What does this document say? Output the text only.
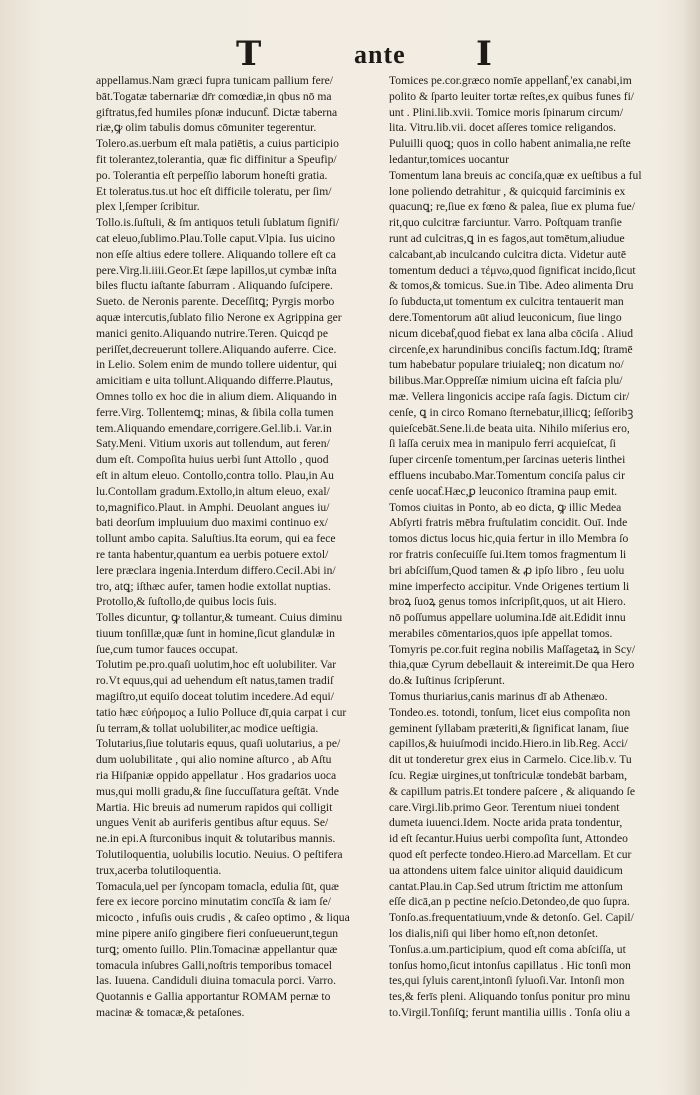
T	ante I
appellamus.Nam græci fupra tunicam pallium fere/
bāt.Togatæ tabernariæ dr̄r comœdiæ,in qbus nō ma
giftratus,fed humiles pſonæ inducunƭ. Dictæ taberna
riæ,ꝙ olim tabulis domus cōmuniter tegerentur.
Tolero.as.uerbum eſt mala patiētis, a cuius participio
fit tolerantez,tolerantia, quæ fic diffinitur a Speufip/
po. Tolerantia eſt perpeſſio laborum honeſti gratia.
Et toleratus.tus.ut hoc eſt difficile toleratu, per ſim/
plex l,ſemper ſcribitur.
Tollo.is.ſuſtuli, & ſm antiquos tetuli ſublatum ſignifi/
cat eleuo,ſublimo.Plau.Tolle caput.Vlpia. Ius uicino
non eſſe altius edere tollere. Aliquando tollere eſt ca
pere.Virg.li.iiii.Geor.Et ſæpe lapillos,ut cymbæ inſta
biles fluctu iaſtante ſaburram . Aliquando ſuſcipere.
Sueto. de Neronis parente. Deceſſitꝗ; Pyrgis morbo
aquæ intercutis,ſublato filio Nerone ex Agrippina ger
manici genito.Aliquando nutrire.Teren. Quicqd pe
periſſet,decreuerunt tollere.Aliquando auferre. Cice.
in Lelio. Solem enim de mundo tollere uidentur, qui
amicitiam e uita tollunt.Aliquando differre.Plautus,
Omnes tollo ex hoc die in alium diem. Aliquando in
ferre.Virg. Tollentemꝗ; minas, & ſibila colla tumen
tem.Aliquando emendare,corrigere.Gel.lib.i. Var.in
Saty.Meni. Vitium uxoris aut tollendum, aut feren/
dum eſt. Compoſita huius uerbi ſunt Attollo , quod
eſt in altum eleuo. Contollo,contra tollo. Plau,in Au
lu.Contollam gradum.Extollo,in altum eleuo, exal/
to,magnifico.Plaut. in Amphi. Deuolant angues iu/
bati deorſum impluuium duo maximi continuo ex/
tollunt ambo capita. Saluſtius.Ita eorum, qui ea fece
re tanta habentur,quantum ea uerbis potuere extol/
lere præclara ingenia.Interdum differo.Cecil.Abi in/
tro, atꝗ; iſthæc aufer, tamen hodie extollat nuptias.
Protollo,& ſuſtollo,de quibus locis ſuis.
Tolles dicuntur, ꝙ tollantur,& tumeant. Cuius diminu
tiuum tonſillæ,quæ ſunt in homine,ſicut glandulæ in
ſue,cum tumor fauces occupat.
Tolutim pe.pro.quaſi uolutim,hoc eſt uolubiliter. Var
ro.Vt equus,qui ad uehendum eſt natus,tamen tradiſ
magiſtro,ut equiſo doceat tolutim incedere.Ad equi/
tatio hæc εὐήρομος a Iulio Polluce dī,quia carpat i cur
ſu terram,& tollat uolubiliter,ac modice ueſtigia.
Tolutarius,ſiue tolutaris equus, quaſi uolutarius, a pe/
dum uolubilitate , qui alio nomine aſturco , ab Aſtu
ria Hiſpaniæ oppido appellatur . Hos gradarios uoca
mus,qui molli gradu,& ſine ſuccuſſatura geſtāt. Vnde
Martia. Hic breuis ad numerum rapidos qui colligit
ungues Venit ab auriferis gentibus aſtur equus. Se/
ne.in epi.A ſturconibus inquit & tolutaribus mannis.
Tolutiloquentia, uolubilis locutio. Neuius. O peſtifera
trux,acerba tolutiloquentia.
Tomacula,uel per ſyncopam tomacla, edulia ſūt, quæ
fere ex iecore porcino minutatim concīſa & iam ſe/
micocto , infuſis ouis crudis , & caſeo optimo , & liqua
mine pipere aniſo gingibere fieri conſueuerunt,tegun
turꝗ; omento ſuillo. Plin.Tomacinæ appellantur quæ
tomacula inſubres Galli,noſtris temporibus tomacel
las. Iuuena. Candiduli diuina tomacula porci. Varro.
Quotannis e Gallia apportantur ROMAM pernæ to
macinæ & tomacæ,& petaſones.
Tomices pe.cor.græco nomīe appellanƭ,'ex canabi,im
polito & ſparto leuiter tortæ reſtes,ex quibus funes fi/
unt . Plini.lib.xvii. Tomice moris ſpinarum circum/
lita. Vitru.lib.vii. docet aſſeres tomice religandos.
Puluilli quoꝗ; quos in collo habent animalia,ne reſte
ledantur,tomices uocantur
Tomentum lana breuis ac conciſa,quæ ex ueſtibus a ful
lone poliendo detrahitur , & quicquid farciminis ex
quacunꝗ; re,ſiue ex fœno & palea, ſiue ex pluma fue/
rit,quo culcitræ farciuntur. Varro. Poſtquam tranſie
runt ad culcitras,ꝗ in es fagos,aut tomētum,aliudue
calcabant,ab inculcando culcitra dicta. Videtur autē
tomentum deduci a τέμνω,quod ſignificat incido,ſicut
& tomos,& tomicus. Sue.in Tibe. Adeo alimenta Dru
ſo ſubducta,ut tomentum ex culcitra tentauerit man
dere.Tomentorum aūt aliud leuconicum, ſiue lingo
nicum dicebaƭ,quod fiebat ex lana alba cōciſa . Aliud
circenſe,ex harundinibus conciſis factum.Idꝗ; ſtramē
tum habebatur populare triuialeꝗ; non dicatum no/
bilibus.Mar.Oppreſſæ nimium uicina eſt faſcia plu/
mæ. Vellera lingonicis accipe raſa ſagis. Dictum cir/
cenſe, ꝗ in circo Romano ſternebatur,illicꝗ; ſeſſoribꝫ
quieſcebāt.Sene.li.de beata uita. Nihilo miſerius ero,
ſi laſſa ceruix mea in manipulo ferri acquieſcat, ſi
ſuper circenſe tomentum,per ſarcinas ueteris linthei
effluens incubabo.Mar.Tomentum conciſa palus cir
cenſe uocaƭ.Hæc,ꝑ leuconico ſtramina paup emit.
Tomos ciuitas in Ponto, ab eo dicta, ꝙ illic Medea
Abſyrti fratris mēbra fruſtulatim concidit. Ouī. Inde
tomos dictus locus hic,quia fertur in illo Membra ſo
ror fratris conſecuiſſe ſui.Item tomos fragmentum li
bri abſciſſum,Quod tamen & ꝓ ipſo libro , ſeu uolu
mine imperfecto accipitur. Vnde Origenes tertium li
broꝝ ſuoꝝ genus tomos inſcripſit,quos, ut ait Hiero.
nō poſſumus appellare uolumina.Idē ait.Edidit innu
merabiles cōmentarios,quos ipſe appellat tomos.
Tomyris pe.cor.fuit regina nobilis Maſſagetaꝝ in Scy/
thia,quæ Cyrum debellauit & intereimit.De qua Hero
do.& Iuſtinus ſcripſerunt.
Tomus thuriarius,canis marinus dī ab Athenæo.
Tondeo.es. totondi, tonſum, licet eius compoſita non
geminent ſyllabam præteriti,& ſignificat lanam, ſiue
capillos,& huiuſmodi incido.Hiero.in lib.Reg. Acci/
dit ut tonderetur grex eius in Carmelo. Cice.lib.v. Tu
ſcu. Regiæ uirgines,ut tonſtriculæ tondebāt barbam,
& capillum patris.Et tondere paſcere , & aliquando ſe
care.Virgi.lib.primo Geor. Terentum niuei tondent
dumeta iuuenci.Idem. Nocte arida prata tondentur,
id eſt ſecantur.Huius uerbi compoſita ſunt, Attondeo
quod eſt perfecte tondeo.Hiero.ad Marcellam. Et cur
ua attondens uitem falce uinitor aliquid dauidicum
cantat.Plau.in Cap.Sed utrum ſtrictim me attonſum
eſſe dicā,an p pectine neſcio.Detondeo,de quo ſupra.
Tonſo.as.frequentatiuum,vnde & detonſo. Gel. Capil/
los dialis,niſi qui liber homo eſt,non detonſet.
Tonſus.a.um.participium, quod eſt coma abſciſſa, ut
tonſus homo,ſicut intonſus capillatus . Hic tonſi mon
tes,qui ſyluis carent,intonſi ſyluoſi.Var. Intonſi mon
tes,& ferīs pleni. Aliquando tonſus ponitur pro minu
to.Virgil.Tonſiſꝗ; ferunt mantilia uillis . Tonſa oliu a
